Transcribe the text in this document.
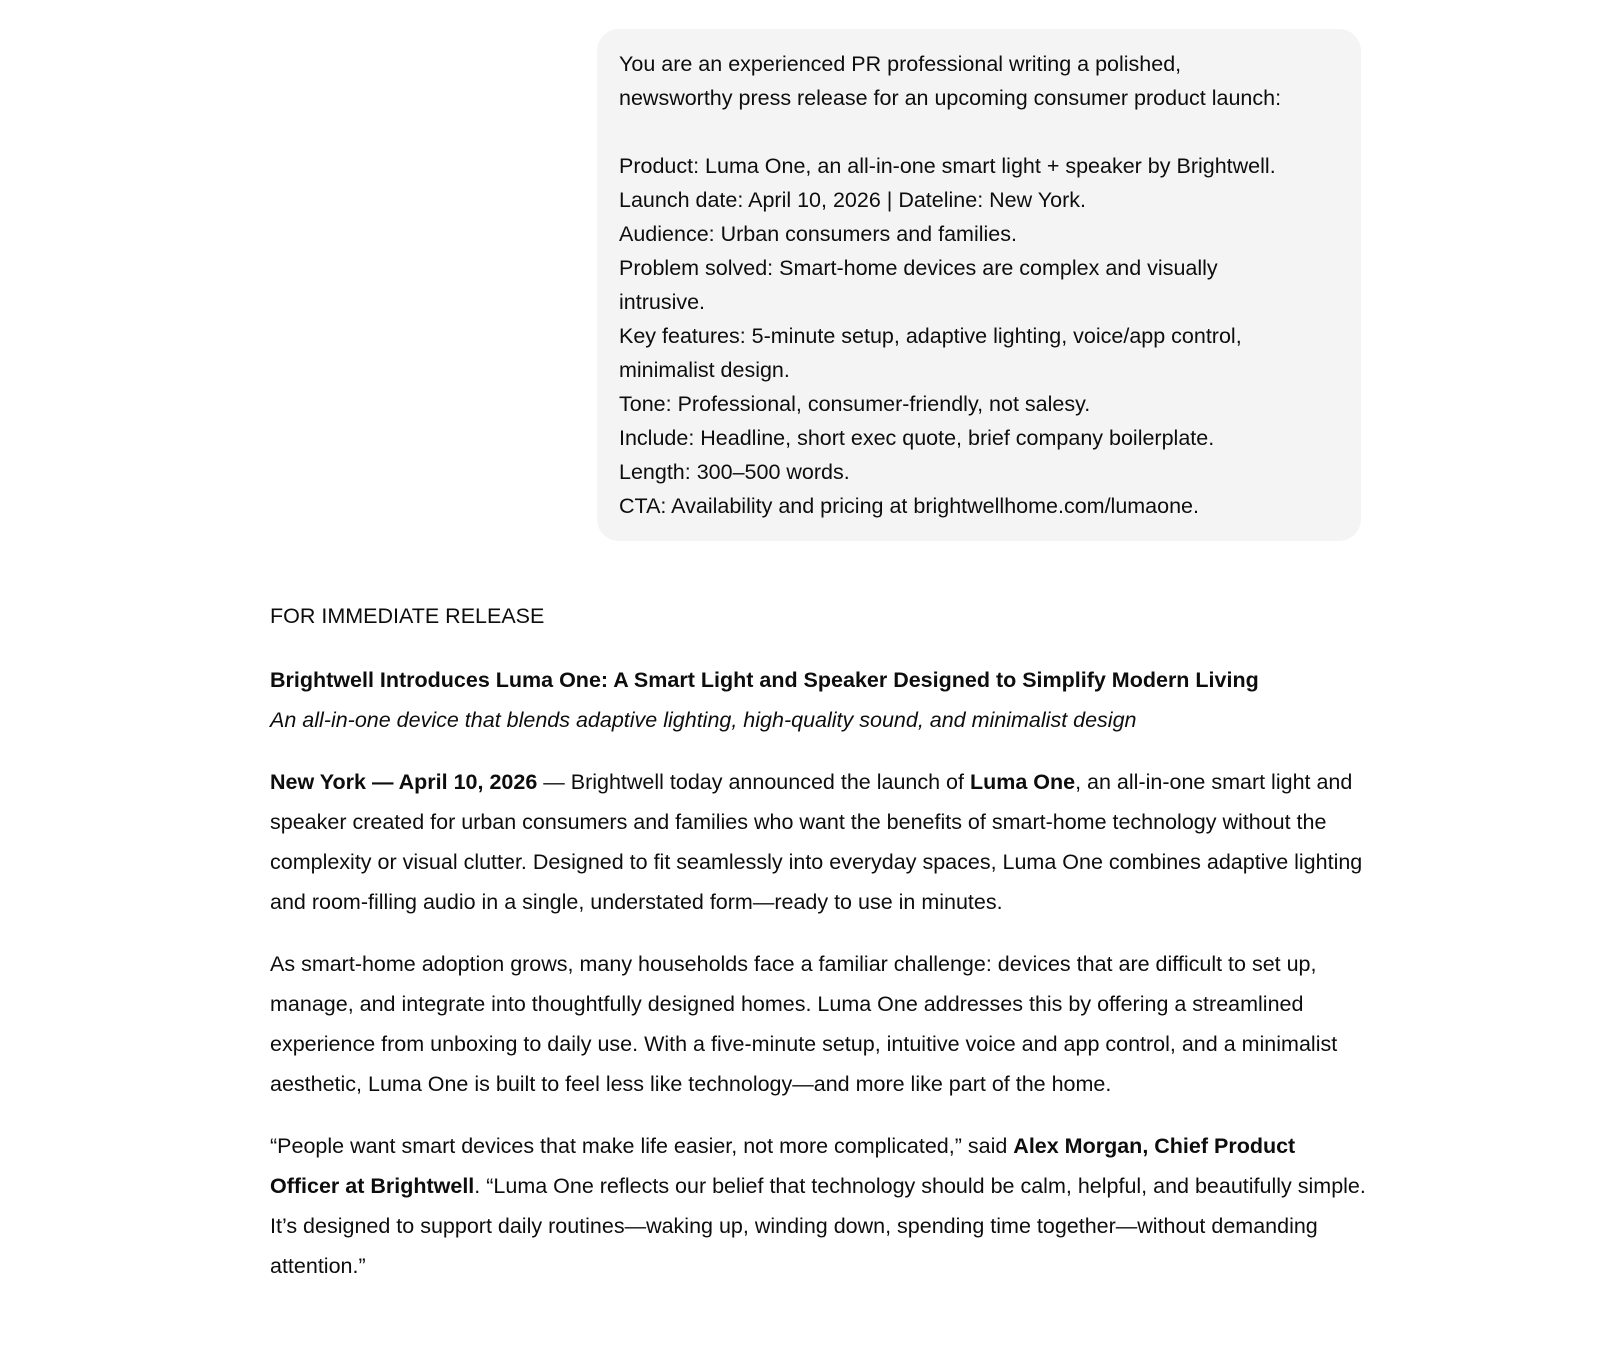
You are an experienced PR professional writing a polished,

newsworthy press release for an upcoming consumer product launch:

Product: Luma One, an all-in-one smart light + speaker by Brightwell.

Launch date: April 10, 2026 | Dateline: New York.

Audience: Urban consumers and families.

Problem solved: Smart-home devices are complex and visually

intrusive.

Key features: 5-minute setup, adaptive lighting, voice/app control,

minimalist design.

Tone: Professional, consumer-friendly, not salesy.

Include: Headline, short exec quote, brief company boilerplate.

Length: 300–500 words.

CTA: Availability and pricing at brightwellhome.com/lumaone.

FOR IMMEDIATE RELEASE

Brightwell Introduces Luma One: A Smart Light and Speaker Designed to Simplify Modern Living

An all-in-one device that blends adaptive lighting, high-quality sound, and minimalist design

New York — April 10, 2026 — Brightwell today announced the launch of Luma One, an all-in-one smart light and speaker created for urban consumers and families who want the benefits of smart-home technology without the complexity or visual clutter. Designed to fit seamlessly into everyday spaces, Luma One combines adaptive lighting and room-filling audio in a single, understated form—ready to use in minutes.

As smart-home adoption grows, many households face a familiar challenge: devices that are difficult to set up, manage, and integrate into thoughtfully designed homes. Luma One addresses this by offering a streamlined experience from unboxing to daily use. With a five-minute setup, intuitive voice and app control, and a minimalist aesthetic, Luma One is built to feel less like technology—and more like part of the home.

“People want smart devices that make life easier, not more complicated,” said Alex Morgan, Chief Product Officer at Brightwell. “Luma One reflects our belief that technology should be calm, helpful, and beautifully simple. It’s designed to support daily routines—waking up, winding down, spending time together—without demanding attention.”
